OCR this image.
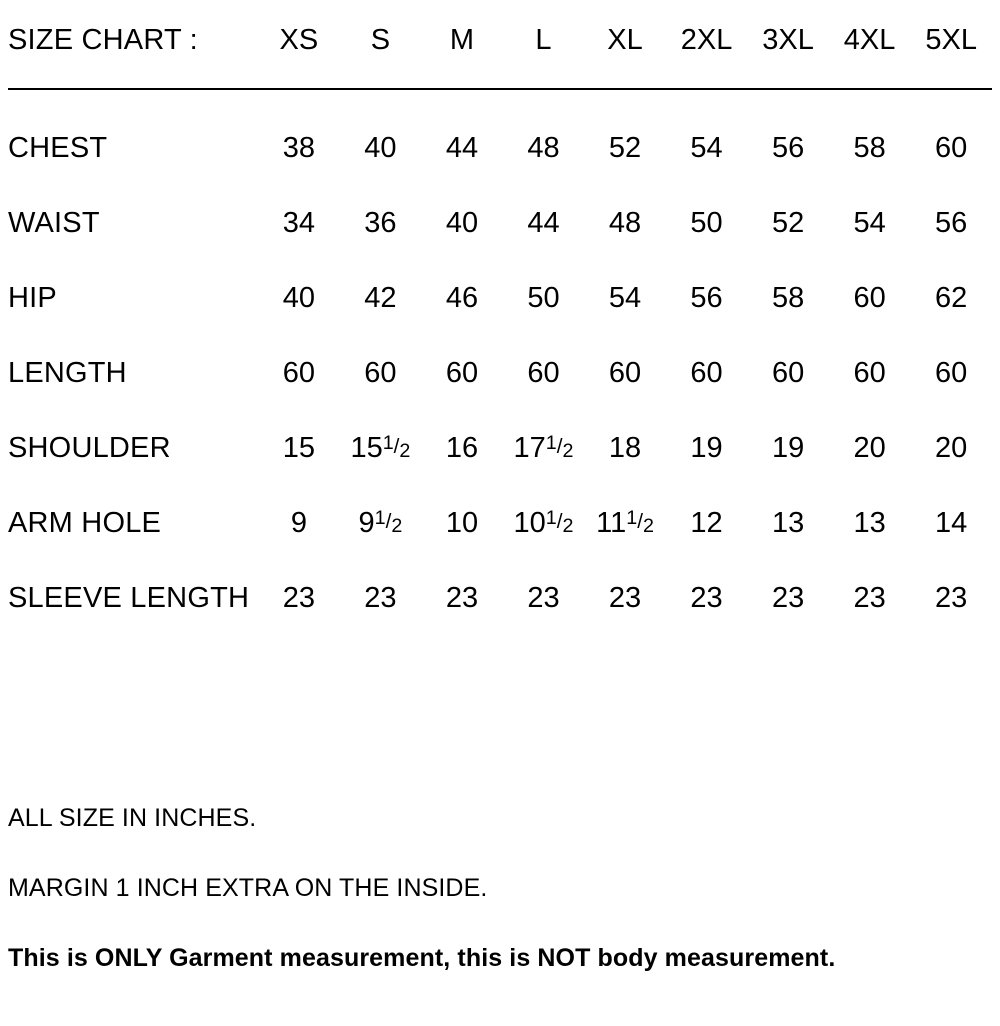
SIZE CHART :	XS	S	M	L	XL	2XL	3XL	4XL	5XL

CHEST	38	40	44	48	52	54	56	58	60
WAIST	34	36	40	44	48	50	52	54	56
HIP	40	42	46	50	54	56	58	60	62
LENGTH	60	60	60	60	60	60	60	60	60
SHOULDER	15	151/2	16	171/2	18	19	19	20	20
ARM HOLE	9	91/2	10	101/2	111/2	12	13	13	14
SLEEVE LENGTH	23	23	23	23	23	23	23	23	23
ALL SIZE IN INCHES.
MARGIN 1 INCH EXTRA ON THE INSIDE.
This is ONLY Garment measurement, this is NOT body measurement.
